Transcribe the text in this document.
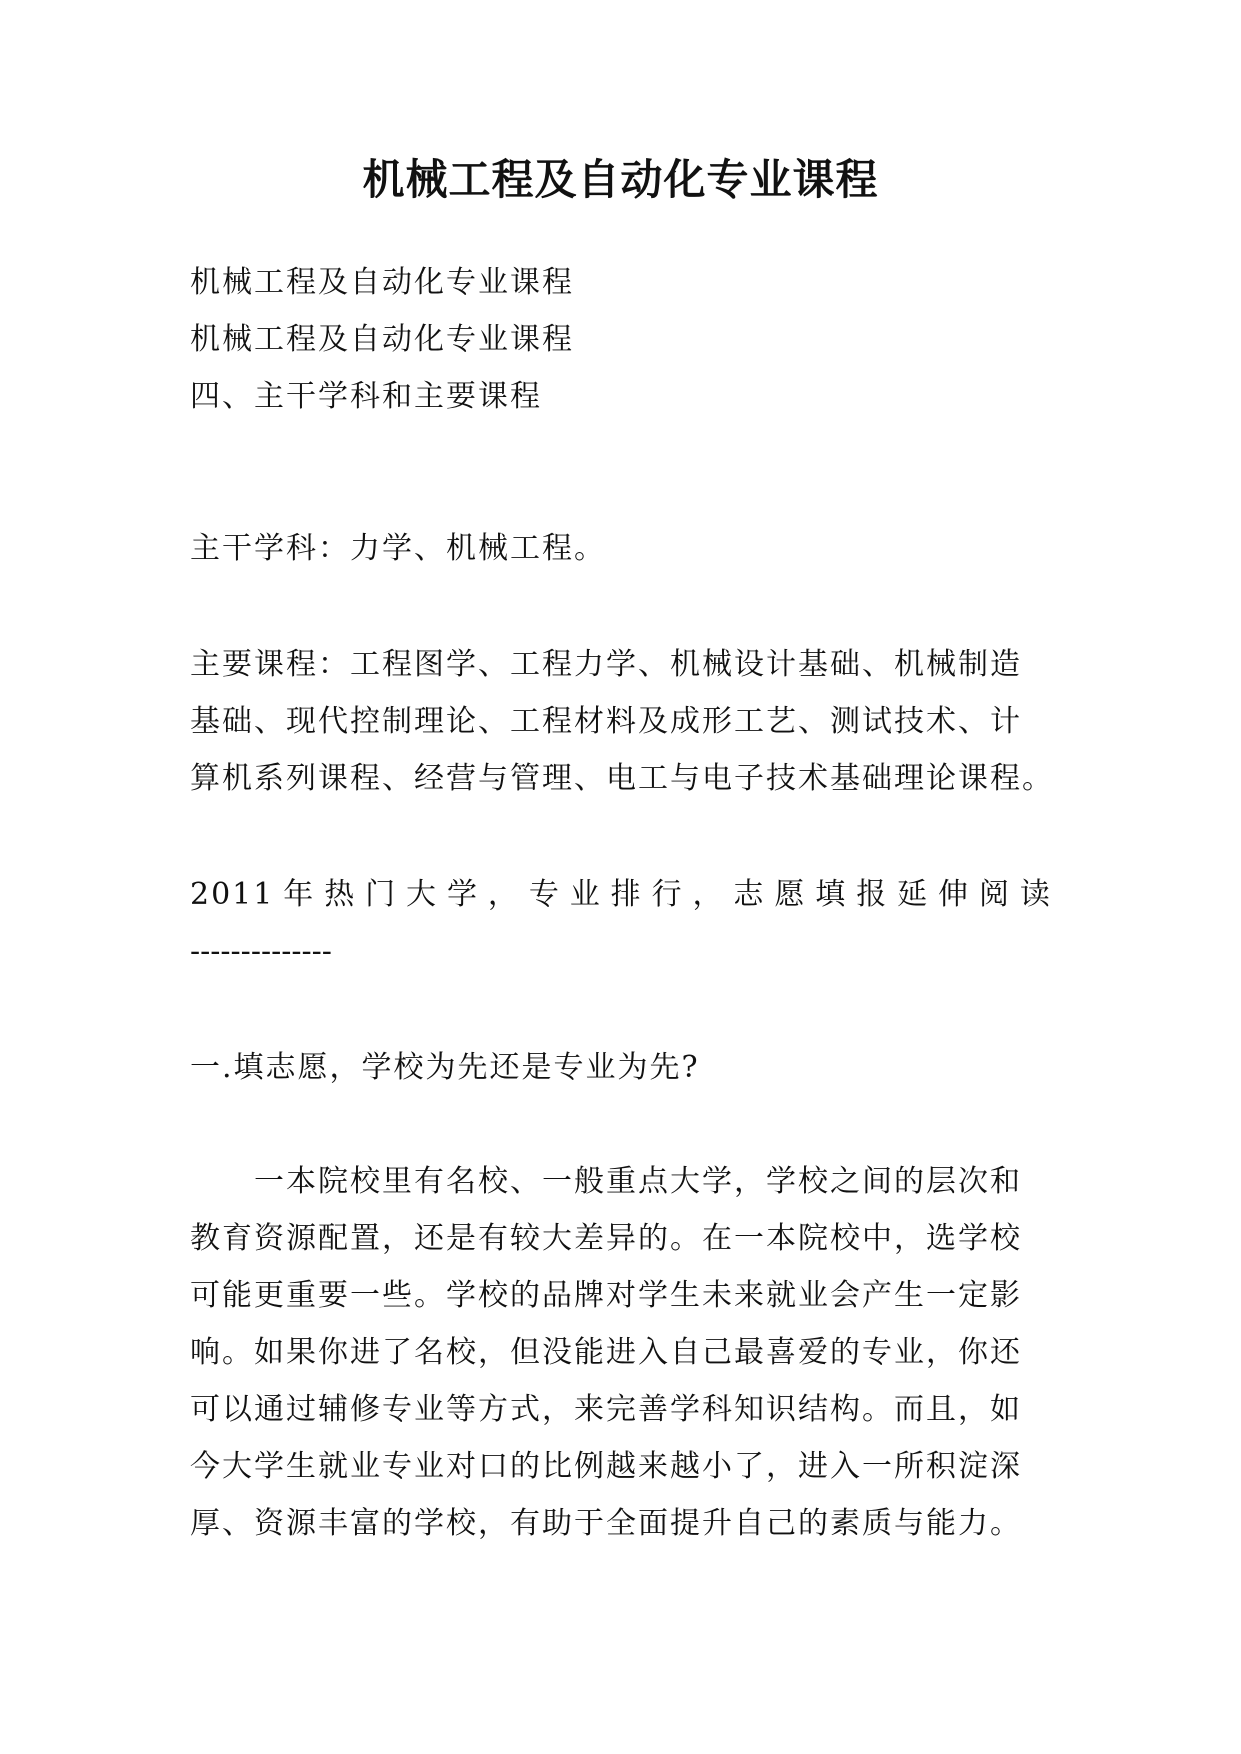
机械工程及自动化专业课程
机械工程及自动化专业课程
机械工程及自动化专业课程
四、主干学科和主要课程
主干学科：力学、机械工程。
主要课程：工程图学、工程力学、机械设计基础、机械制造
基础、现代控制理论、工程材料及成形工艺、测试技术、计
算机系列课程、经营与管理、电工与电子技术基础理论课程。
2011 年 热 门 大 学 ， 专 业 排 行 ， 志 愿 填 报 延 伸 阅 读
--------------
一.填志愿，学校为先还是专业为先?
　　一本院校里有名校、一般重点大学，学校之间的层次和
教育资源配置，还是有较大差异的。在一本院校中，选学校
可能更重要一些。学校的品牌对学生未来就业会产生一定影
响。如果你进了名校，但没能进入自己最喜爱的专业，你还
可以通过辅修专业等方式，来完善学科知识结构。而且，如
今大学生就业专业对口的比例越来越小了，进入一所积淀深
厚、资源丰富的学校，有助于全面提升自己的素质与能力。
